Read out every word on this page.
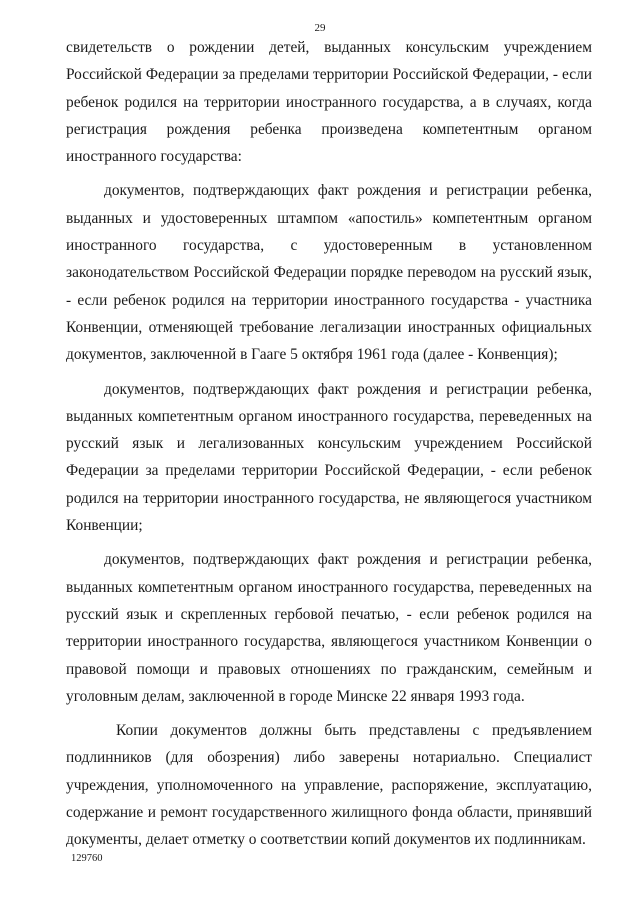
29

свидетельств о рождении детей, выданных консульским учреждением Российской Федерации за пределами территории Российской Федерации, - если ребенок родился на территории иностранного государства, а в случаях, когда регистрация рождения ребенка произведена компетентным органом иностранного государства:

документов, подтверждающих факт рождения и регистрации ребенка, выданных и удостоверенных штампом «апостиль» компетентным органом иностранного государства, с удостоверенным в установленном законодательством Российской Федерации порядке переводом на русский язык, - если ребенок родился на территории иностранного государства - участника Конвенции, отменяющей требование легализации иностранных официальных документов, заключенной в Гааге 5 октября 1961 года (далее - Конвенция);

документов, подтверждающих факт рождения и регистрации ребенка, выданных компетентным органом иностранного государства, переведенных на русский язык и легализованных консульским учреждением Российской Федерации за пределами территории Российской Федерации, - если ребенок родился на территории иностранного государства, не являющегося участником Конвенции;

документов, подтверждающих факт рождения и регистрации ребенка, выданных компетентным органом иностранного государства, переведенных на русский язык и скрепленных гербовой печатью, - если ребенок родился на территории иностранного государства, являющегося участником Конвенции о правовой помощи и правовых отношениях по гражданским, семейным и уголовным делам, заключенной в городе Минске 22 января 1993 года.

Копии документов должны быть представлены с предъявлением подлинников (для обозрения) либо заверены нотариально. Специалист учреждения, уполномоченного на управление, распоряжение, эксплуатацию, содержание и ремонт государственного жилищного фонда области, принявший документы, делает отметку о соответствии копий документов их подлинникам.

129760
